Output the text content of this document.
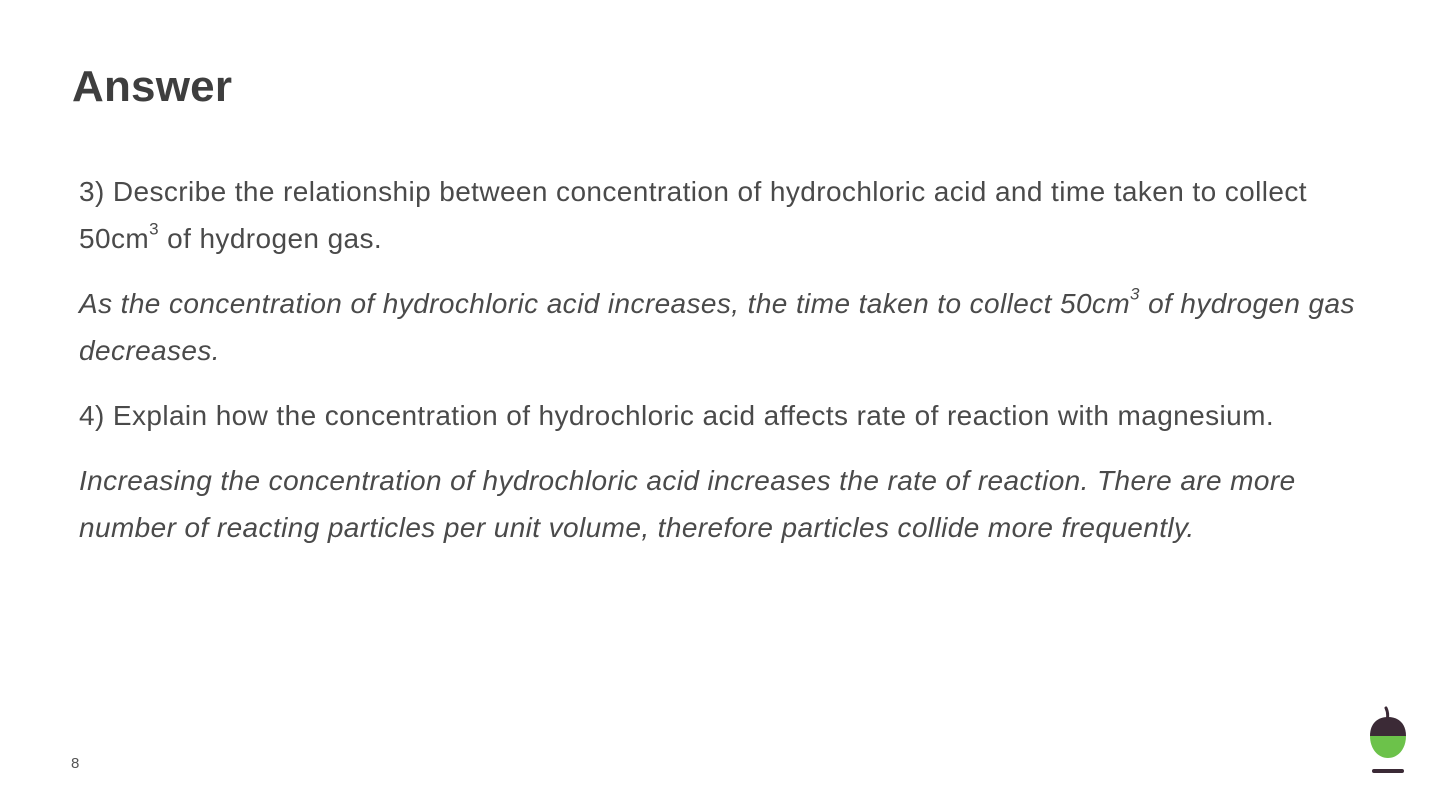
Answer

3) Describe the relationship between concentration of hydrochloric acid and time taken to collect $50cm^3$ of hydrogen gas.

As the concentration of hydrochloric acid increases, the time taken to collect $50cm^3$ of hydrogen gas decreases.

4) Explain how the concentration of hydrochloric acid affects rate of reaction with magnesium.

Increasing the concentration of hydrochloric acid increases the rate of reaction. There are more number of reacting particles per unit volume, therefore particles collide more frequently.

8
